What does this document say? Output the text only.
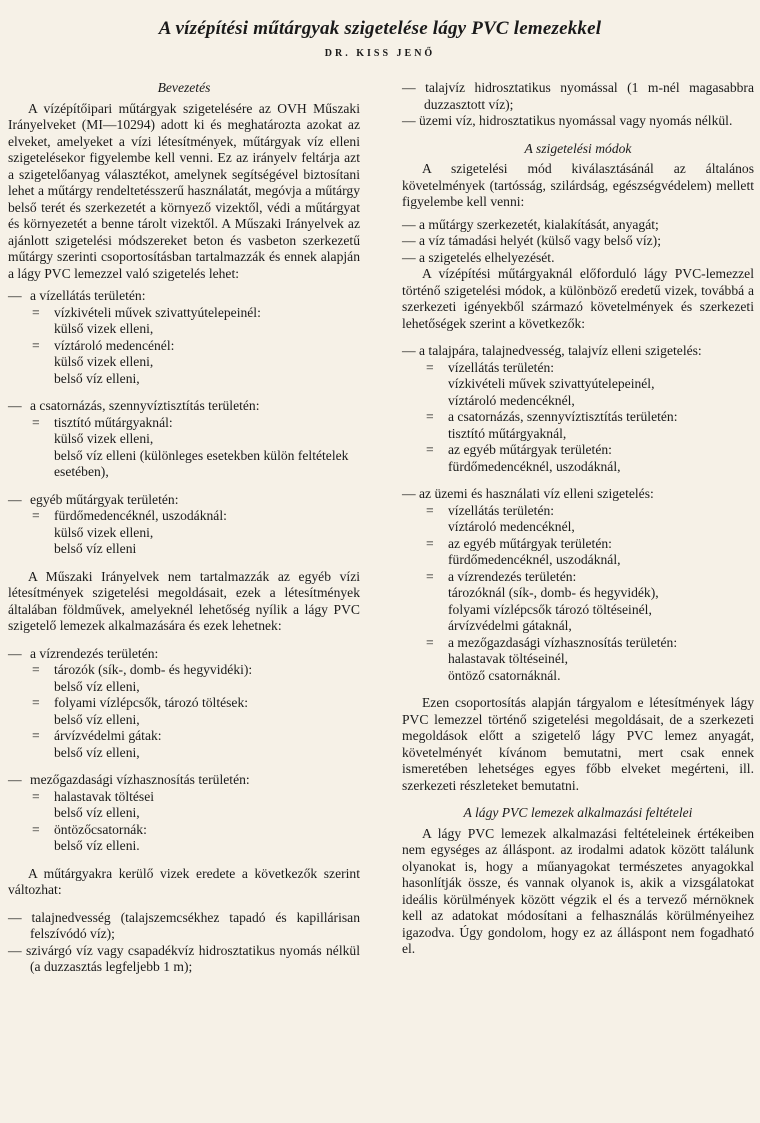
A vízépítési műtárgyak szigetelése lágy PVC lemezekkel

DR. KISS JENŐ

Bevezetés

A vízépítőipari műtárgyak szigetelésére az OVH Műszaki Irányelveket (MI—10294) adott ki és meghatározta azokat az elveket, amelyeket a vízi létesítmények, műtárgyak víz elleni szigetelésekor figyelembe kell venni. Ez az irányelv feltárja azt a szigetelőanyag választékot, amelynek segítségével biztosítani lehet a műtárgy rendeltetésszerű használatát, megóvja a műtárgy belső terét és szerkezetét a környező vizektől, védi a műtárgyat és környezetét a benne tárolt vizektől. A Műszaki Irányelvek az ajánlott szigetelési módszereket beton és vasbeton szerkezetű műtárgy szerinti csoportosításban tartalmazzák és ennek alapján a lágy PVC lemezzel való szigetelés lehet:

— a vízellátás területén:

= vízkivételi művek szivattyútelepeinél:

külső vizek elleni,

= víztároló medencénél:

külső vizek elleni,

belső víz elleni,

— a csatornázás, szennyvíztisztítás területén:

= tisztító műtárgyaknál:

külső vizek elleni,

belső víz elleni (különleges esetekben külön feltételek esetében),

— egyéb műtárgyak területén:

= fürdőmedencéknél, uszodáknál:

külső vizek elleni,

belső víz elleni

A Műszaki Irányelvek nem tartalmazzák az egyéb vízi létesítmények szigetelési megoldásait, ezek a létesítmények általában földművek, amelyeknél lehetőség nyílik a lágy PVC szigetelő lemezek alkalmazására és ezek lehetnek:

— a vízrendezés területén:

= tározók (sík-, domb- és hegyvidéki):

belső víz elleni,

= folyami vízlépcsők, tározó töltések:

belső víz elleni,

= árvízvédelmi gátak:

belső víz elleni,

— mezőgazdasági vízhasznosítás területén:

= halastavak töltései

belső víz elleni,

= öntözőcsatornák:

belső víz elleni.

A műtárgyakra kerülő vizek eredete a következők szerint változhat:

— talajnedvesség (talajszemcsékhez tapadó és kapillárisan felszívódó víz);

— szivárgó víz vagy csapadékvíz hidrosztatikus nyomás nélkül (a duzzasztás legfeljebb 1 m);

— talajvíz hidrosztatikus nyomással (1 m-nél magasabbra duzzasztott víz);

— üzemi víz, hidrosztatikus nyomással vagy nyomás nélkül.

A szigetelési módok

A szigetelési mód kiválasztásánál az általános követelmények (tartósság, szilárdság, egészségvédelem) mellett figyelembe kell venni:

— a műtárgy szerkezetét, kialakítását, anyagát;

— a víz támadási helyét (külső vagy belső víz);

— a szigetelés elhelyezését.

A vízépítési műtárgyaknál előforduló lágy PVC-lemezzel történő szigetelési módok, a különböző eredetű vizek, továbbá a szerkezeti igényekből származó követelmények és szerkezeti lehetőségek szerint a következők:

— a talajpára, talajnedvesség, talajvíz elleni szigetelés:

= vízellátás területén:

vízkivételi művek szivattyútelepeinél,

víztároló medencéknél,

= a csatornázás, szennyvíztisztítás területén:

tisztító műtárgyaknál,

= az egyéb műtárgyak területén:

fürdőmedencéknél, uszodáknál,

— az üzemi és használati víz elleni szigetelés:

= vízellátás területén:

víztároló medencéknél,

= az egyéb műtárgyak területén:

fürdőmedencéknél, uszodáknál,

= a vízrendezés területén:

tározóknál (sík-, domb- és hegyvidék),

folyami vízlépcsők tározó töltéseinél,

árvízvédelmi gátaknál,

= a mezőgazdasági vízhasznosítás területén:

halastavak töltéseinél,

öntöző csatornáknál.

Ezen csoportosítás alapján tárgyalom e létesítmények lágy PVC lemezzel történő szigetelési megoldásait, de a szerkezeti megoldások előtt a szigetelő lágy PVC lemez anyagát, követelményét kívánom bemutatni, mert csak ennek ismeretében lehetséges egyes főbb elveket megérteni, ill. szerkezeti részleteket bemutatni.

A lágy PVC lemezek alkalmazási feltételei

A lágy PVC lemezek alkalmazási feltételeinek értékeiben nem egységes az álláspont. az irodalmi adatok között találunk olyanokat is, hogy a műanyagokat természetes anyagokkal hasonlítják össze, és vannak olyanok is, akik a vizsgálatokat ideális körülmények között végzik el és a tervező mérnöknek kell az adatokat módosítani a felhasználás körülményeihez igazodva. Úgy gondolom, hogy ez az álláspont nem fogadható el.
